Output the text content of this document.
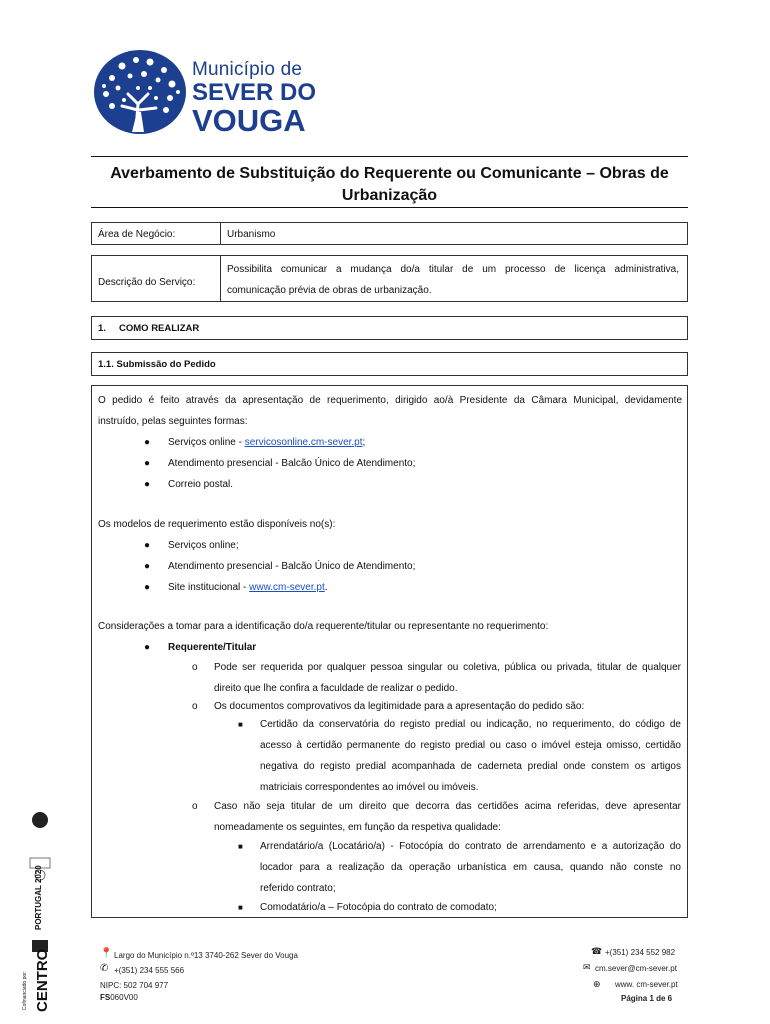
Município de
SEVER DO
VOUGA
Averbamento de Substituição do Requerente ou Comunicante – Obras de Urbanização
Área de Negócio:	Urbanismo
Descrição do Serviço:
Possibilita comunicar a mudança do/a titular de um processo de licença administrativa,
comunicação prévia de obras de urbanização.
1. COMO REALIZAR
1.1. Submissão do Pedido
O pedido é feito através da apresentação de requerimento, dirigido ao/à Presidente da Câmara Municipal, devidamente
instruído, pelas seguintes formas:
● Serviços online - servicosonline.cm-sever.pt;
● Atendimento presencial - Balcão Único de Atendimento;
● Correio postal.
Os modelos de requerimento estão disponíveis no(s):
● Serviços online;
● Atendimento presencial - Balcão Único de Atendimento;
● Site institucional - www.cm-sever.pt.
Considerações a tomar para a identificação do/a requerente/titular ou representante no requerimento:
● Requerente/Titular
o Pode ser requerida por qualquer pessoa singular ou coletiva, pública ou privada, titular de qualquer
direito que lhe confira a faculdade de realizar o pedido.
o Os documentos comprovativos da legitimidade para a apresentação do pedido são:
■ Certidão da conservatória do registo predial ou indicação, no requerimento, do código de
acesso à certidão permanente do registo predial ou caso o imóvel esteja omisso, certidão
negativa do registo predial acompanhada de caderneta predial onde constem os artigos
matriciais correspondentes ao imóvel ou imóveis.
o Caso não seja titular de um direito que decorra das certidões acima referidas, deve apresentar
nomeadamente os seguintes, em função da respetiva qualidade:
■ Arrendatário/a (Locatário/a) - Fotocópia do contrato de arrendamento e a autorização do
locador para a realização da operação urbanística em causa, quando não conste no
referido contrato;
■ Comodatário/a – Fotocópia do contrato de comodato;
Cofinanciado por: CENTRO
PORTUGAL 2020
📍 Largo do Município n.º13 3740-262 Sever do Vouga
✆ +(351) 234 555 566
NIPC: 502 704 977
FS060V00
☎ +(351) 234 552 982
✉ cm.sever@cm-sever.pt
⊕ www. cm-sever.pt
Página 1 de 6
